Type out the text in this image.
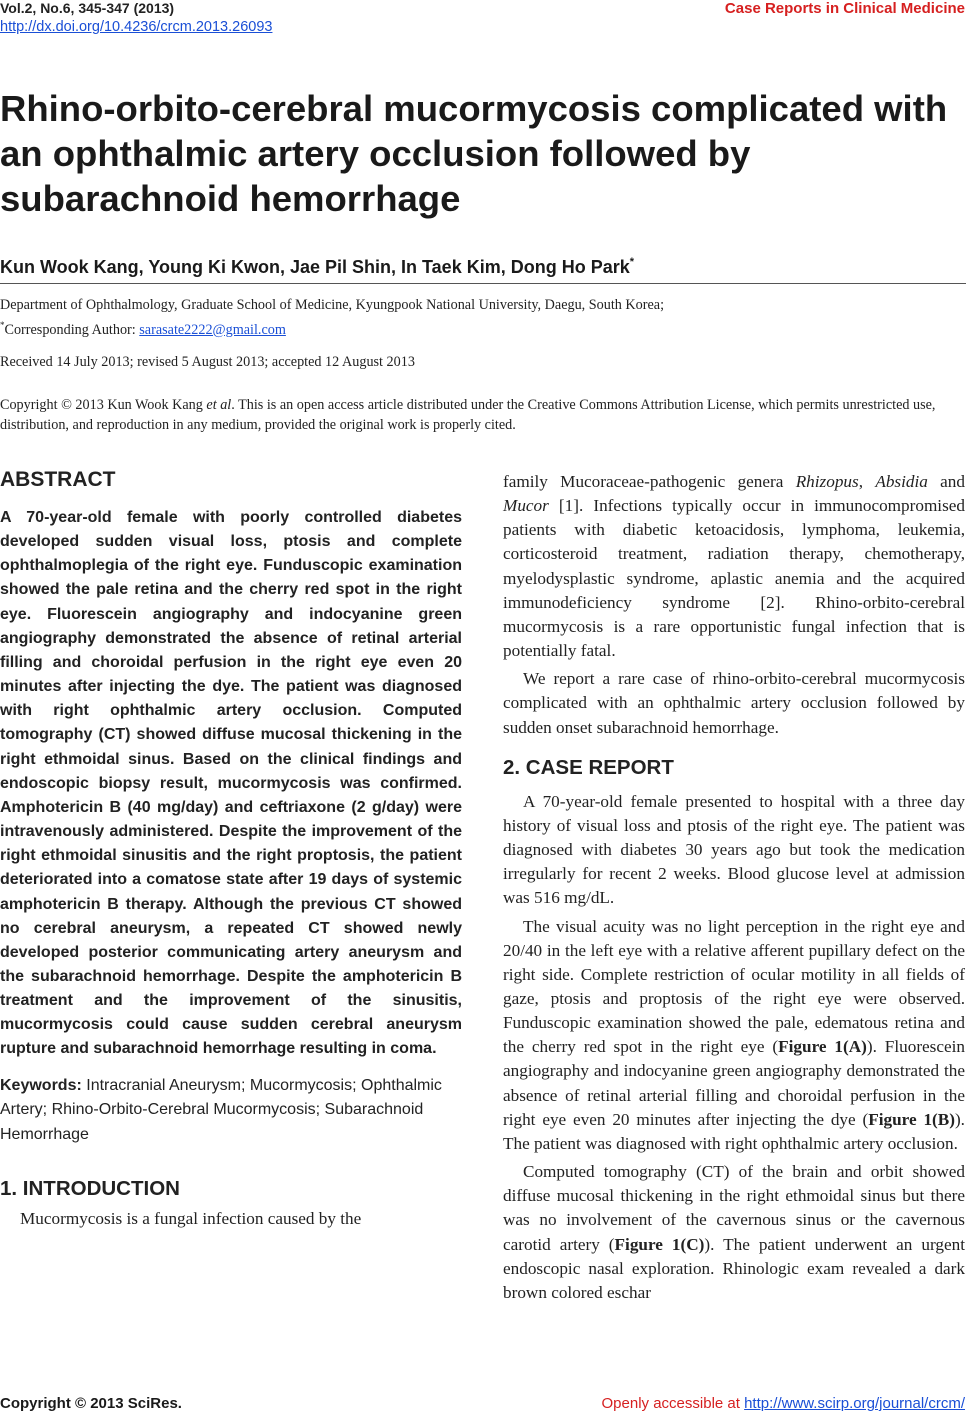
Vol.2, No.6, 345-347 (2013)
http://dx.doi.org/10.4236/crcm.2013.26093
Case Reports in Clinical Medicine
Rhino-orbito-cerebral mucormycosis complicated with an ophthalmic artery occlusion followed by subarachnoid hemorrhage
Kun Wook Kang, Young Ki Kwon, Jae Pil Shin, In Taek Kim, Dong Ho Park*
Department of Ophthalmology, Graduate School of Medicine, Kyungpook National University, Daegu, South Korea;
*Corresponding Author: sarasate2222@gmail.com
Received 14 July 2013; revised 5 August 2013; accepted 12 August 2013
Copyright © 2013 Kun Wook Kang et al. This is an open access article distributed under the Creative Commons Attribution License, which permits unrestricted use, distribution, and reproduction in any medium, provided the original work is properly cited.
ABSTRACT

A 70-year-old female with poorly controlled diabetes developed sudden visual loss, ptosis and complete ophthalmoplegia of the right eye. Funduscopic examination showed the pale retina and the cherry red spot in the right eye. Fluorescein angiography and indocyanine green angiography demonstrated the absence of retinal arterial filling and choroidal perfusion in the right eye even 20 minutes after injecting the dye. The patient was diagnosed with right ophthalmic artery occlusion. Computed tomography (CT) showed diffuse mucosal thickening in the right ethmoidal sinus. Based on the clinical findings and endoscopic biopsy result, mucormycosis was confirmed. Amphotericin B (40 mg/day) and ceftriaxone (2 g/day) were intravenously administered. Despite the improvement of the right ethmoidal sinusitis and the right proptosis, the patient deteriorated into a comatose state after 19 days of systemic amphotericin B therapy. Although the previous CT showed no cerebral aneurysm, a repeated CT showed newly developed posterior communicating artery aneurysm and the subarachnoid hemorrhage. Despite the amphotericin B treatment and the improvement of the sinusitis, mucormycosis could cause sudden cerebral aneurysm rupture and subarachnoid hemorrhage resulting in coma.

Keywords: Intracranial Aneurysm; Mucormycosis; Ophthalmic Artery; Rhino-Orbito-Cerebral Mucormycosis; Subarachnoid Hemorrhage

1. INTRODUCTION

Mucormycosis is a fungal infection caused by the

family Mucoraceae-pathogenic genera Rhizopus, Absidia and Mucor [1]. Infections typically occur in immunocompromised patients with diabetic ketoacidosis, lymphoma, leukemia, corticosteroid treatment, radiation therapy, chemotherapy, myelodysplastic syndrome, aplastic anemia and the acquired immunodeficiency syndrome [2]. Rhino-orbito-cerebral mucormycosis is a rare opportunistic fungal infection that is potentially fatal.

We report a rare case of rhino-orbito-cerebral mucormycosis complicated with an ophthalmic artery occlusion followed by sudden onset subarachnoid hemorrhage.

2. CASE REPORT

A 70-year-old female presented to hospital with a three day history of visual loss and ptosis of the right eye. The patient was diagnosed with diabetes 30 years ago but took the medication irregularly for recent 2 weeks. Blood glucose level at admission was 516 mg/dL.

The visual acuity was no light perception in the right eye and 20/40 in the left eye with a relative afferent pupillary defect on the right side. Complete restriction of ocular motility in all fields of gaze, ptosis and proptosis of the right eye were observed. Funduscopic examination showed the pale, edematous retina and the cherry red spot in the right eye (Figure 1(A)). Fluorescein angiography and indocyanine green angiography demonstrated the absence of retinal arterial filling and choroidal perfusion in the right eye even 20 minutes after injecting the dye (Figure 1(B)). The patient was diagnosed with right ophthalmic artery occlusion.

Computed tomography (CT) of the brain and orbit showed diffuse mucosal thickening in the right ethmoidal sinus but there was no involvement of the cavernous sinus or the cavernous carotid artery (Figure 1(C)). The patient underwent an urgent endoscopic nasal exploration. Rhinologic exam revealed a dark brown colored eschar

Copyright © 2013 SciRes.	Openly accessible at http://www.scirp.org/journal/crcm/
